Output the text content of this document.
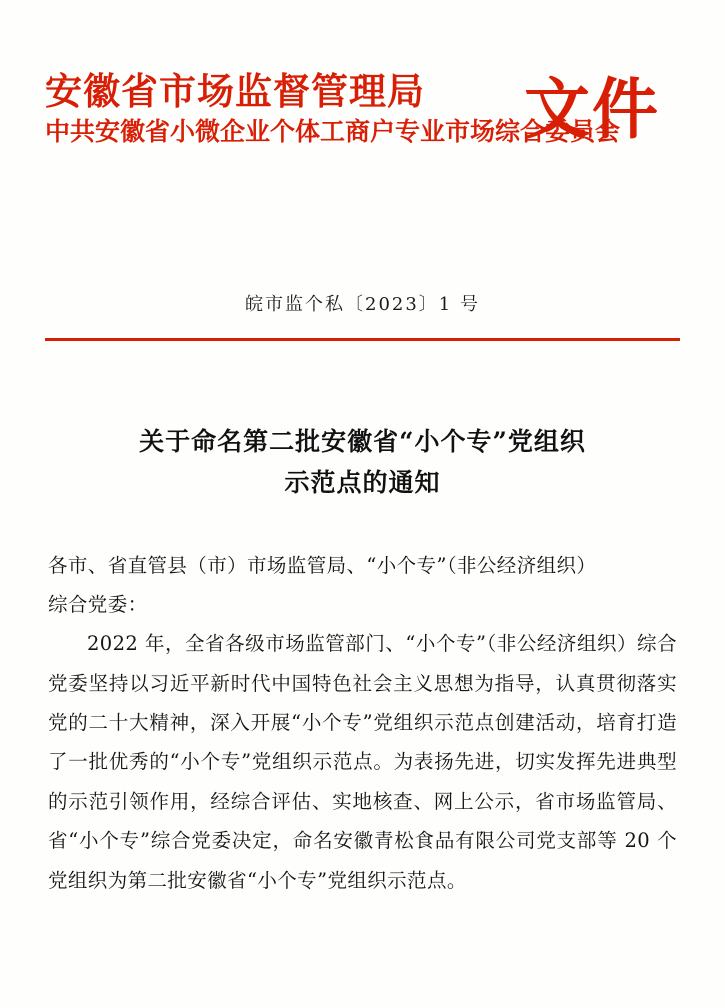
安徽省市场监督管理局
中共安徽省小微企业个体工商户专业市场综合委员会
文件
皖市监个私〔2023〕1 号
关于命名第二批安徽省“小个专”党组织
示范点的通知
各市、省直管县（市）市场监管局、“小个专”（非公经济组织）
综合党委：
2022 年，全省各级市场监管部门、“小个专”（非公经济组织）综合党委坚持以习近平新时代中国特色社会主义思想为指导，认真贯彻落实党的二十大精神，深入开展“小个专”党组织示范点创建活动，培育打造了一批优秀的“小个专”党组织示范点。为表扬先进，切实发挥先进典型的示范引领作用，经综合评估、实地核查、网上公示，省市场监管局、省“小个专”综合党委决定，命名安徽青松食品有限公司党支部等 20 个党组织为第二批安徽省“小个专”党组织示范点。
